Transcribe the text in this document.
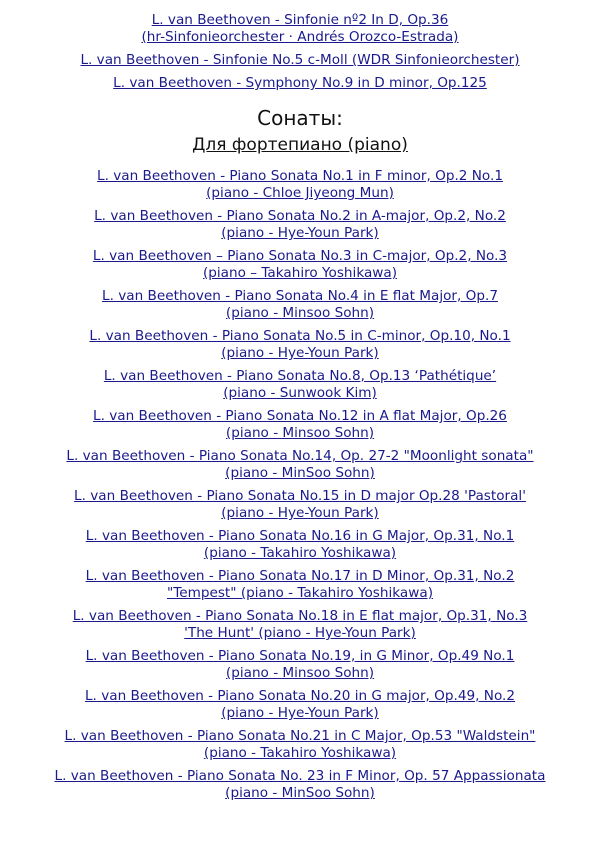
L. van Beethoven - Sinfonie nº2 In D, Op.36
(hr-Sinfonieorchester · Andrés Orozco-Estrada)
L. van Beethoven - Sinfonie No.5 c-Moll (WDR Sinfonieorchester)
L. van Beethoven - Symphony No.9 in D minor, Op.125
Сонаты:
Для фортепиано (piano)
L. van Beethoven - Piano Sonata No.1 in F minor, Op.2 No.1
(piano - Chloe Jiyeong Mun)
L. van Beethoven - Piano Sonata No.2 in A-major, Op.2, No.2
(piano - Hye-Youn Park)
L. van Beethoven – Piano Sonata No.3 in C-major, Op.2, No.3
(piano – Takahiro Yoshikawa)
L. van Beethoven - Piano Sonata No.4 in E flat Major, Op.7
(piano - Minsoo Sohn)
L. van Beethoven - Piano Sonata No.5 in C-minor, Op.10, No.1
(piano - Hye-Youn Park)
L. van Beethoven - Piano Sonata No.8, Op.13 ‘Pathétique’
(piano - Sunwook Kim)
L. van Beethoven - Piano Sonata No.12 in A flat Major, Op.26
(piano - Minsoo Sohn)
L. van Beethoven - Piano Sonata No.14, Op. 27-2 "Moonlight sonata"
(piano - MinSoo Sohn)
L. van Beethoven - Piano Sonata No.15 in D major Op.28 'Pastoral'
(piano - Hye-Youn Park)
L. van Beethoven - Piano Sonata No.16 in G Major, Op.31, No.1
(piano - Takahiro Yoshikawa)
L. van Beethoven - Piano Sonata No.17 in D Minor, Op.31, No.2
"Tempest" (piano - Takahiro Yoshikawa)
L. van Beethoven - Piano Sonata No.18 in E flat major, Op.31, No.3
'The Hunt' (piano - Hye-Youn Park)
L. van Beethoven - Piano Sonata No.19, in G Minor, Op.49 No.1
(piano - Minsoo Sohn)
L. van Beethoven - Piano Sonata No.20 in G major, Op.49, No.2
(piano - Hye-Youn Park)
L. van Beethoven - Piano Sonata No.21 in C Major, Op.53 "Waldstein"
(piano - Takahiro Yoshikawa)
L. van Beethoven - Piano Sonata No. 23 in F Minor, Op. 57 Appassionata
(piano - MinSoo Sohn)
